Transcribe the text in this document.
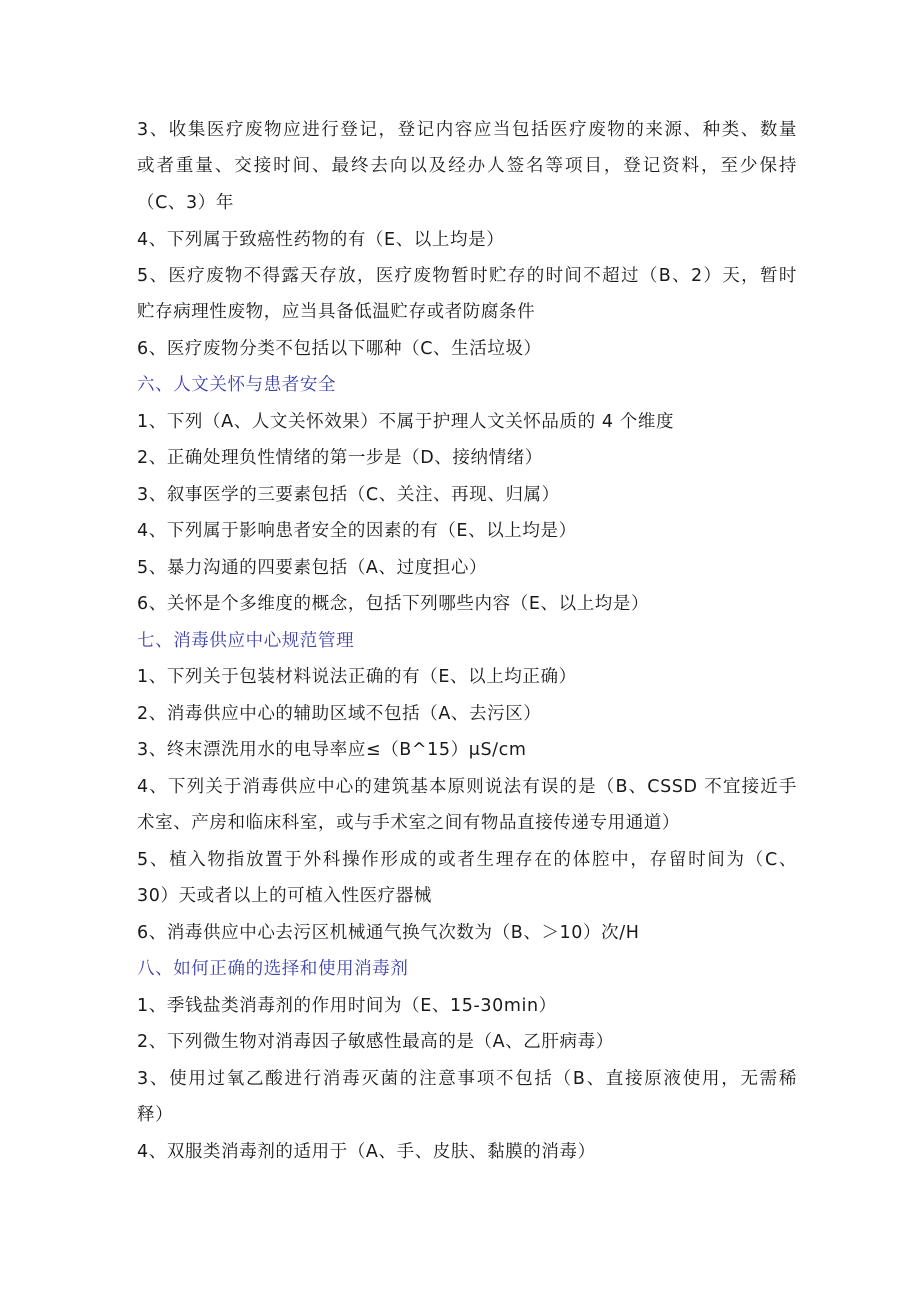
3、收集医疗废物应进行登记，登记内容应当包括医疗废物的来源、种类、数量
或者重量、交接时间、最终去向以及经办人签名等项目，登记资料，至少保持
（C、3）年
4、下列属于致癌性药物的有（E、以上均是）
5、医疗废物不得露天存放，医疗废物暂时贮存的时间不超过（B、2）天，暂时
贮存病理性废物，应当具备低温贮存或者防腐条件
6、医疗废物分类不包括以下哪种（C、生活垃圾）
六、人文关怀与患者安全
1、下列（A、人文关怀效果）不属于护理人文关怀品质的 4 个维度
2、正确处理负性情绪的第一步是（D、接纳情绪）
3、叙事医学的三要素包括（C、关注、再现、归属）
4、下列属于影响患者安全的因素的有（E、以上均是）
5、暴力沟通的四要素包括（A、过度担心）
6、关怀是个多维度的概念，包括下列哪些内容（E、以上均是）
七、消毒供应中心规范管理
1、下列关于包装材料说法正确的有（E、以上均正确）
2、消毒供应中心的辅助区域不包括（A、去污区）
3、终末漂洗用水的电导率应≤（B^15）μS∕cm
4、下列关于消毒供应中心的建筑基本原则说法有误的是（B、CSSD 不宜接近手
术室、产房和临床科室，或与手术室之间有物品直接传递专用通道）
5、植入物指放置于外科操作形成的或者生理存在的体腔中，存留时间为（C、
30）天或者以上的可植入性医疗器械
6、消毒供应中心去污区机械通气换气次数为（B、＞10）次/H
八、如何正确的选择和使用消毒剂
1、季钱盐类消毒剂的作用时间为（E、15-30min）
2、下列微生物对消毒因子敏感性最高的是（A、乙肝病毒）
3、使用过氧乙酸进行消毒灭菌的注意事项不包括（B、直接原液使用，无需稀
释）
4、双服类消毒剂的适用于（A、手、皮肤、黏膜的消毒）
